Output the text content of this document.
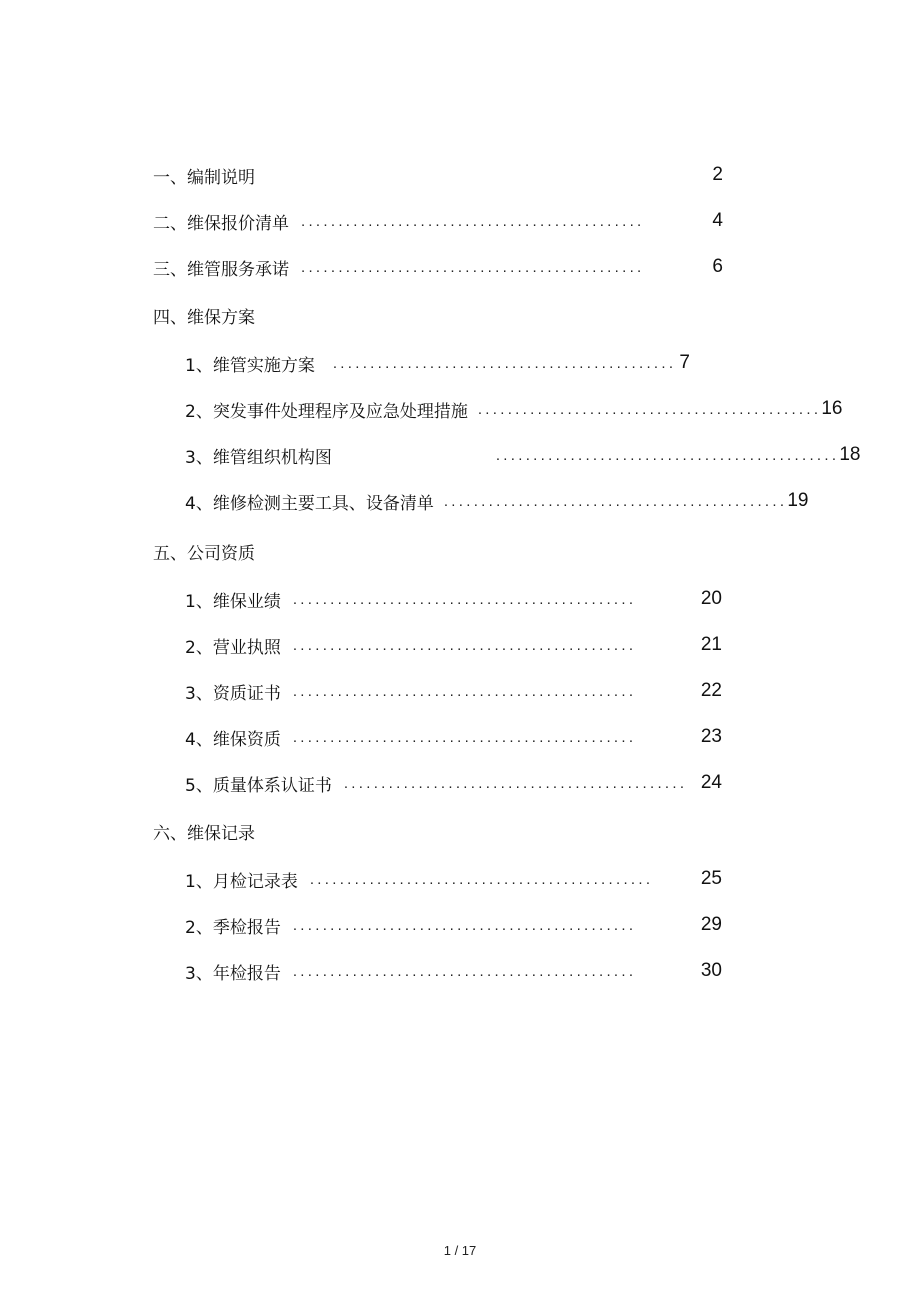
一、编制说明	2
二、维保报价清单 ..............................................	4
三、维管服务承诺 ..............................................	6
四、维保方案
1、维管实施方案 .............................................. 7
2、突发事件处理程序及应急处理措施 .............................................. 16
3、维管组织机构图	.............................................. 18
4、维修检测主要工具、设备清单 .............................................. 19
五、公司资质
1、维保业绩 ..............................................	20
2、营业执照 ..............................................	21
3、资质证书 ..............................................	22
4、维保资质 ..............................................	23
5、质量体系认证书 .............................................. 24
六、维保记录
1、月检记录表 ..............................................	25
2、季检报告 ..............................................	29
3、年检报告 ..............................................	30
1 / 17
